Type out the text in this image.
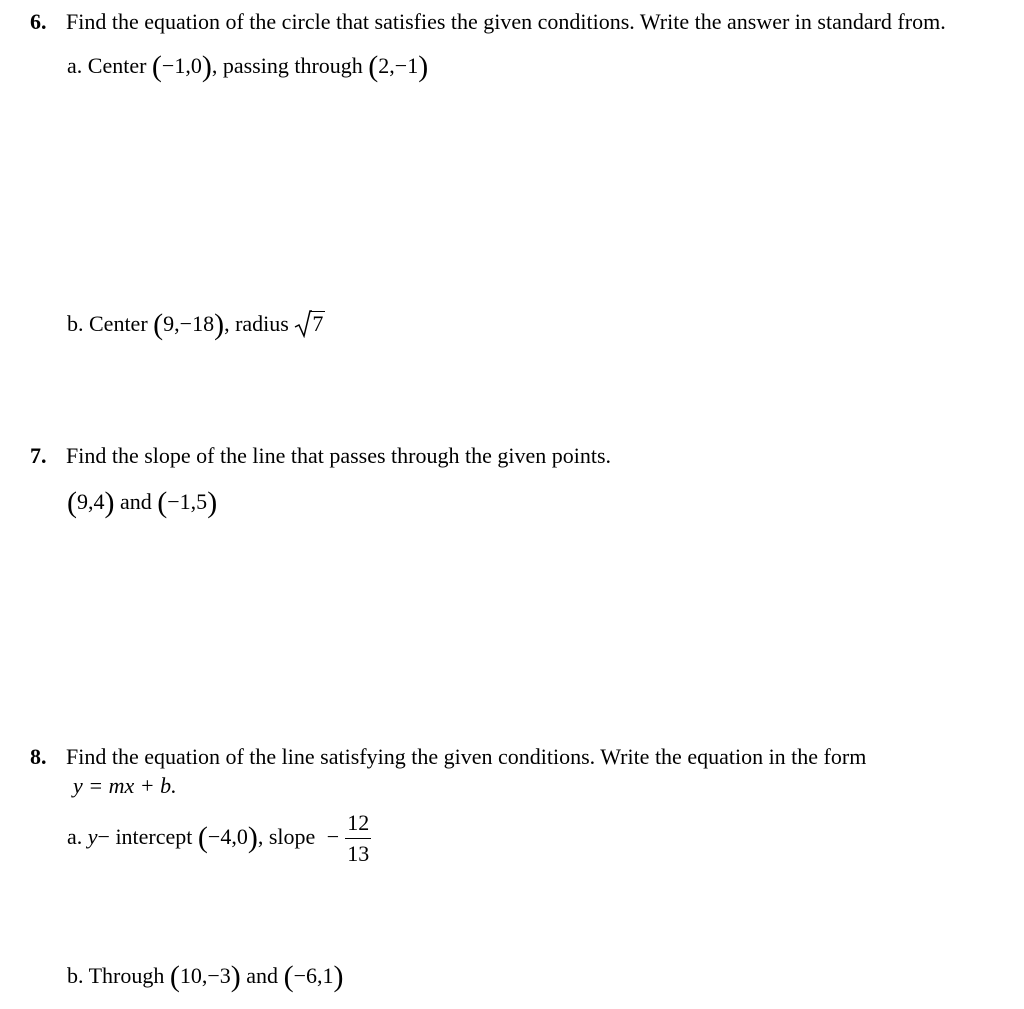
6. Find the equation of the circle that satisfies the given conditions. Write the answer in standard from.
a. Center (−1,0), passing through (2,−1)
b. Center (9,−18), radius 7
7. Find the slope of the line that passes through the given points.
(9,4) and (−1,5)
8. Find the equation of the line satisfying the given conditions. Write the equation in the form
y = mx + b.
a. y− intercept (−4,0), slope − $\frac{12}{13}$
b. Through (10,−3) and (−6,1)
